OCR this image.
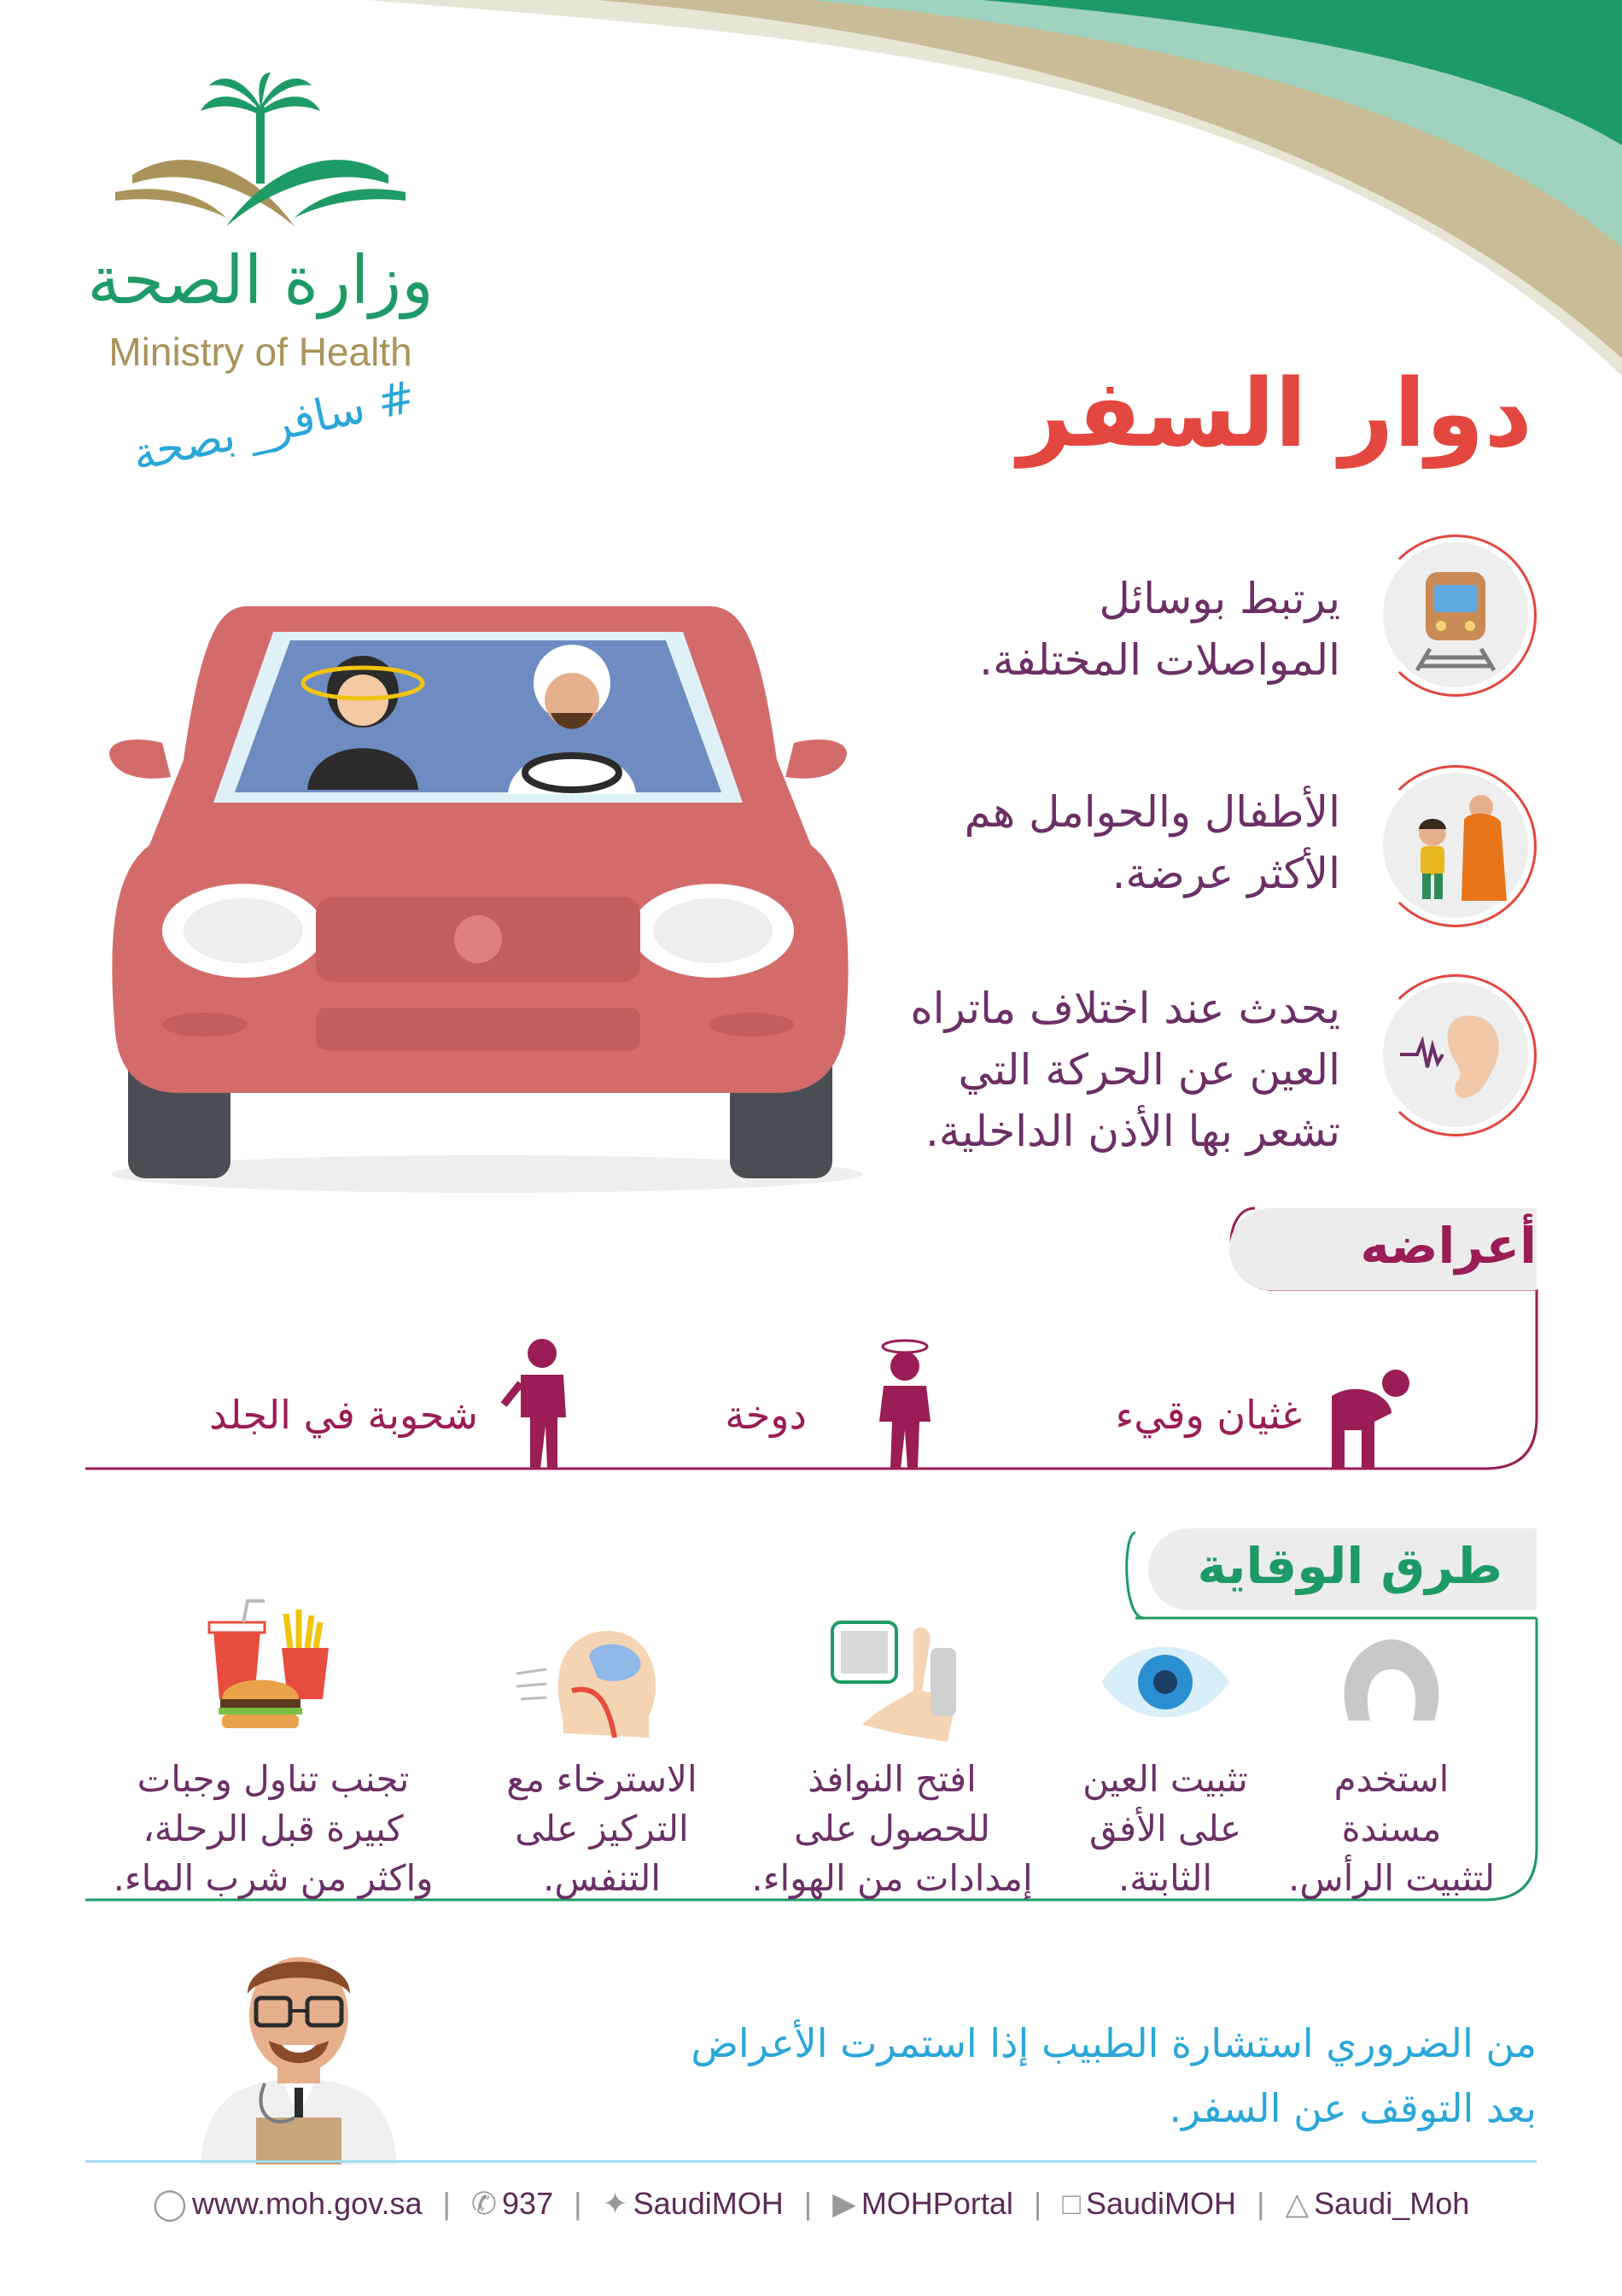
وزارة الصحة
Ministry of Health
# سافر_ بصحة	دوار السفر
يرتبط بوسائل
المواصلات المختلفة.
الأطفال والحوامل هم
الأكثر عرضة.
يحدث عند اختلاف ماتراه
العين عن الحركة التي
تشعر بها الأذن الداخلية.
أعراضه
غثيان وقيء
دوخة
شحوبة في الجلد
طرق الوقاية
استخدم
مسندة
لتثبيت الرأس.
تثبيت العين
على الأفق
الثابتة.
افتح النوافذ
للحصول على
إمدادات من الهواء.
الاسترخاء مع
التركيز على
التنفس.
تجنب تناول وجبات
كبيرة قبل الرحلة،
واكثر من شرب الماء.
من الضروري استشارة الطبيب إذا استمرت الأعراض
بعد التوقف عن السفر.
◯ www.moh.gov.sa | ✆ 937 | ✦ SaudiMOH | ▶ MOHPortal | □ SaudiMOH | △ Saudi_Moh
